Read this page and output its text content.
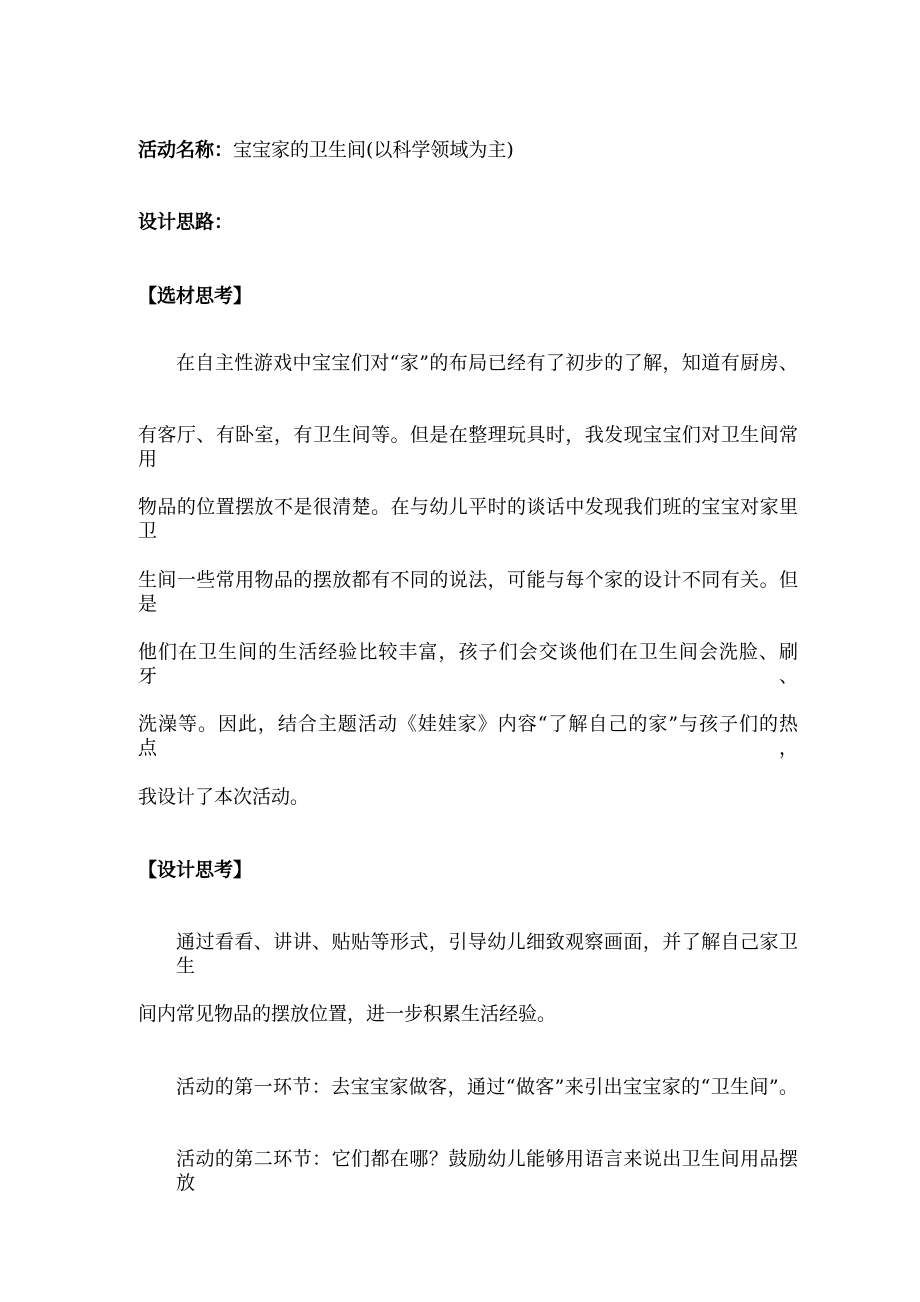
活动名称：宝宝家的卫生间(以科学领域为主)
设计思路：
【选材思考】
在自主性游戏中宝宝们对“家”的布局已经有了初步的了解，知道有厨房、
有客厅、有卧室，有卫生间等。但是在整理玩具时，我发现宝宝们对卫生间常用
物品的位置摆放不是很清楚。在与幼儿平时的谈话中发现我们班的宝宝对家里卫
生间一些常用物品的摆放都有不同的说法，可能与每个家的设计不同有关。但是
他们在卫生间的生活经验比较丰富，孩子们会交谈他们在卫生间会洗脸、刷牙、
洗澡等。因此，结合主题活动《娃娃家》内容“了解自己的家”与孩子们的热点，
我设计了本次活动。
【设计思考】
通过看看、讲讲、贴贴等形式，引导幼儿细致观察画面，并了解自己家卫生
间内常见物品的摆放位置，进一步积累生活经验。
活动的第一环节：去宝宝家做客，通过“做客”来引出宝宝家的“卫生间”。
活动的第二环节：它们都在哪？鼓励幼儿能够用语言来说出卫生间用品摆放
